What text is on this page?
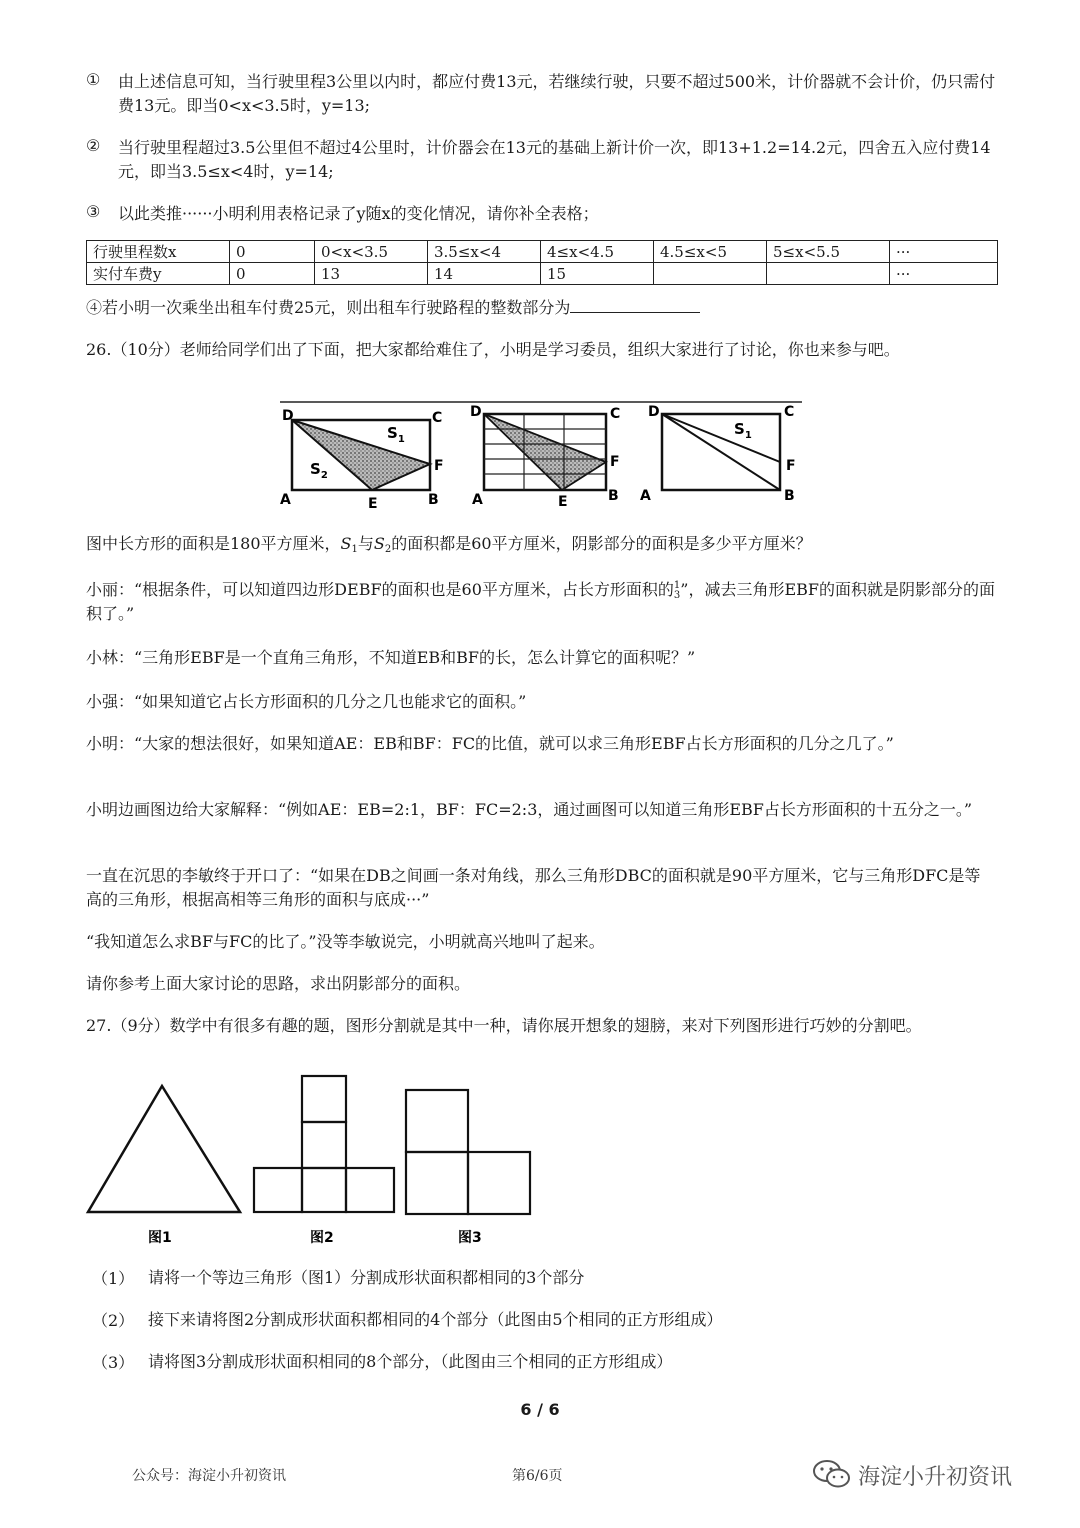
① 由上述信息可知，当行驶里程3公里以内时，都应付费13元，若继续行驶，只要不超过500米，计价器就不会计价，仍只需付费13元。即当0<x<3.5时，y=13;
② 当行驶里程超过3.5公里但不超过4公里时，计价器会在13元的基础上新计价一次，即13+1.2=14.2元，四舍五入应付费14元，即当3.5≤x<4时，y=14;
③ 以此类推······小明利用表格记录了y随x的变化情况，请你补全表格；
行驶里程数x	0	0<x<3.5	3.5≤x<4	4≤x<4.5	4.5≤x<5	5≤x<5.5	···
实付车费y	0	13	14	15			···
④若小明一次乘坐出租车付费25元，则出租车行驶路程的整数部分为
26.（10分）老师给同学们出了下面，把大家都给难住了，小明是学习委员，组织大家进行了讨论，你也来参与吧。
D	C
A	B
E
F
$S_1$
$S_2$
D	C
A	B
E
F
D	C
A	B
F
$S_1$
图中长方形的面积是180平方厘米，$S_1$与$S_2$的面积都是60平方厘米，阴影部分的面积是多少平方厘米？
小丽：“根据条件，可以知道四边形DEBF的面积也是60平方厘米，占长方形面积的 1
3 ”，减去三角形EBF的面积就是阴影部分的面积了。”
小林：“三角形EBF是一个直角三角形，不知道EB和BF的长，怎么计算它的面积呢？”
小强：“如果知道它占长方形面积的几分之几也能求它的面积。”
小明：“大家的想法很好，如果知道AE：EB和BF：FC的比值，就可以求三角形EBF占长方形面积的几分之几了。”
小明边画图边给大家解释：“例如AE：EB=2:1，BF：FC=2:3，通过画图可以知道三角形EBF占长方形面积的十五分之一。”
一直在沉思的李敏终于开口了：“如果在DB之间画一条对角线，那么三角形DBC的面积就是90平方厘米，它与三角形DFC是等高的三角形，根据高相等三角形的面积与底成···”
“我知道怎么求BF与FC的比了。”没等李敏说完，小明就高兴地叫了起来。
请你参考上面大家讨论的思路，求出阴影部分的面积。
27.（9分）数学中有很多有趣的题，图形分割就是其中一种，请你展开想象的翅膀，来对下列图形进行巧妙的分割吧。
图1	图2	图3
（1） 请将一个等边三角形（图1）分割成形状面积都相同的3个部分
（2） 接下来请将图2分割成形状面积都相同的4个部分（此图由5个相同的正方形组成）
（3） 请将图3分割成形状面积相同的8个部分，（此图由三个相同的正方形组成）
6 / 6
公众号：海淀小升初资讯	第6/6页	海淀小升初资讯
